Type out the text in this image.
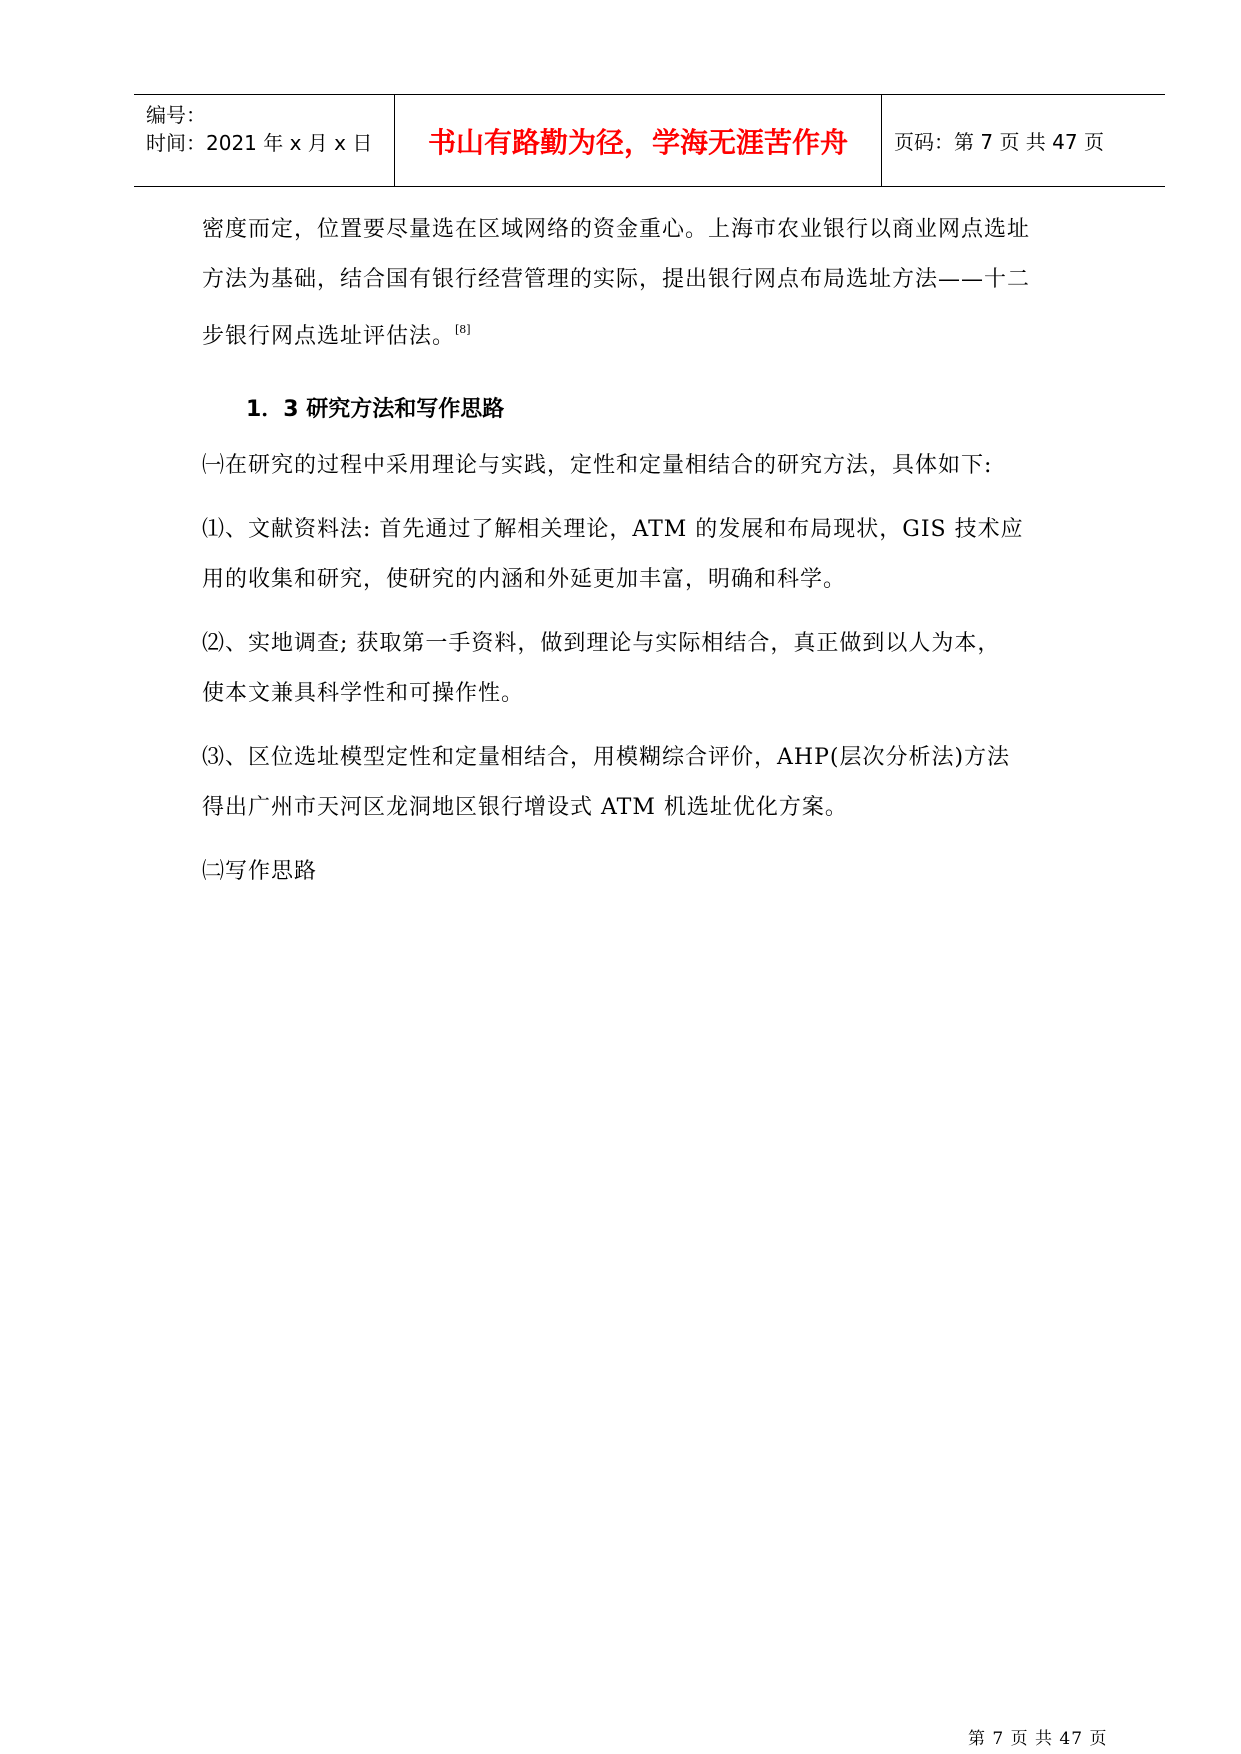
编号：
时间：2021 年 x 月 x 日	书山有路勤为径，学海无涯苦作舟	页码：第 7 页 共 47 页
密度而定，位置要尽量选在区域网络的资金重心。上海市农业银行以商业网点选址
方法为基础，结合国有银行经营管理的实际，提出银行网点布局选址方法——十二
步银行网点选址评估法。[8]
1．3 研究方法和写作思路
㈠在研究的过程中采用理论与实践，定性和定量相结合的研究方法，具体如下:
⑴、文献资料法: 首先通过了解相关理论，ATM 的发展和布局现状，GIS 技术应
用的收集和研究，使研究的内涵和外延更加丰富，明确和科学。
⑵、实地调查; 获取第一手资料，做到理论与实际相结合，真正做到以人为本，
使本文兼具科学性和可操作性。
⑶、区位选址模型定性和定量相结合，用模糊综合评价，AHP(层次分析法)方法
得出广州市天河区龙洞地区银行增设式 ATM 机选址优化方案。
㈡写作思路
第 7 页 共 47 页
